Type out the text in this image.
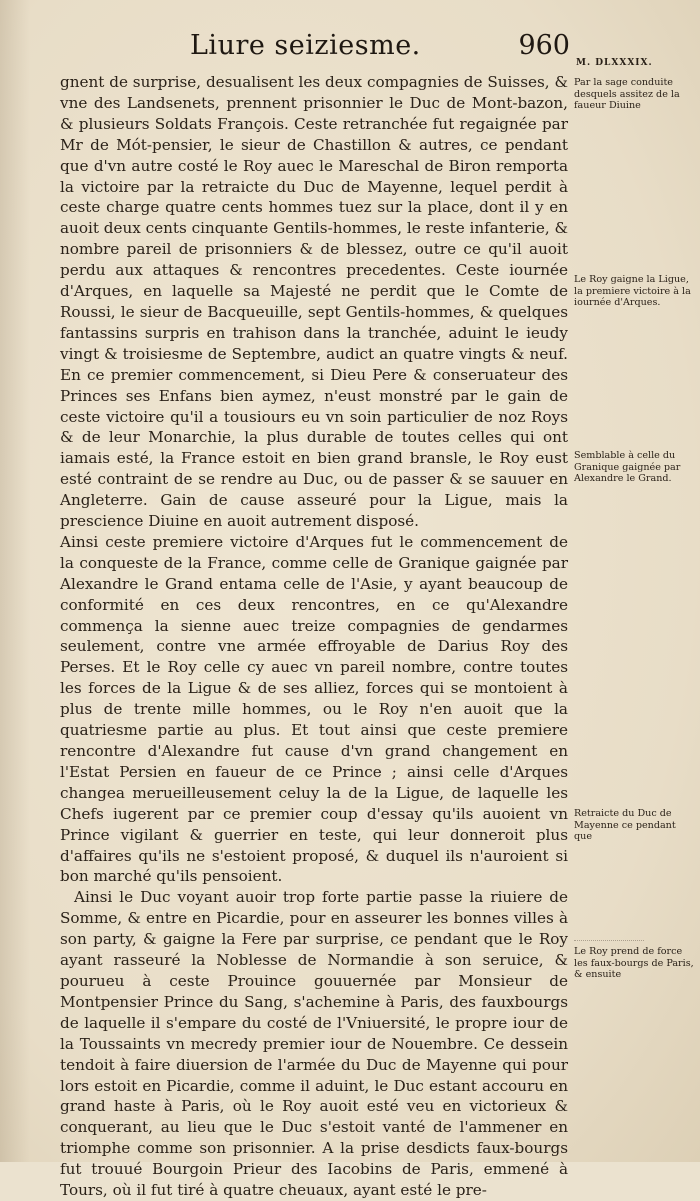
Liure seiziesme.	960
M. DLXXXIX.

gnent de surprise, desualisent les deux compagnies de Suisses, & vne des Landsenets, prennent prisonnier le Duc de Mont-bazon, & plusieurs Soldats François. Ceste retranchée fut regaignée par Mr de Mót-pensier, le sieur de Chastillon & autres, ce pendant que d'vn autre costé le Roy auec le Mareschal de Biron remporta la victoire par la retraicte du Duc de Mayenne, lequel perdit à ceste charge quatre cents hommes tuez sur la place, dont il y en auoit deux cents cinquante Gentils-hommes, le reste infanterie, & nombre pareil de prisonniers & de blessez, outre ce qu'il auoit perdu aux attaques & rencontres precedentes. Ceste iournée d'Arques, en laquelle sa Majesté ne perdit que le Comte de Roussi, le sieur de Bacqueuille, sept Gentils-hommes, & quelques fantassins surpris en trahison dans la tranchée, aduint le ieudy vingt & troisiesme de Septembre, audict an quatre vingts & neuf. En ce premier commencement, si Dieu Pere & conseruateur des Princes ses Enfans bien aymez, n'eust monstré par le gain de ceste victoire qu'il a tousiours eu vn soin particulier de noz Roys & de leur Monarchie, la plus durable de toutes celles qui ont iamais esté, la France estoit en bien grand bransle, le Roy eust esté contraint de se rendre au Duc, ou de passer & se sauuer en Angleterre. Gain de cause asseuré pour la Ligue, mais la prescience Diuine en auoit autrement disposé.

Ainsi ceste premiere victoire d'Arques fut le commencement de la conqueste de la France, comme celle de Granique gaignée par Alexandre le Grand entama celle de l'Asie, y ayant beaucoup de conformité en ces deux rencontres, en ce qu'Alexandre commença la sienne auec treize compagnies de gendarmes seulement, contre vne armée effroyable de Darius Roy des Perses. Et le Roy celle cy auec vn pareil nombre, contre toutes les forces de la Ligue & de ses alliez, forces qui se montoient à plus de trente mille hommes, ou le Roy n'en auoit que la quatriesme partie au plus. Et tout ainsi que ceste premiere rencontre d'Alexandre fut cause d'vn grand changement en l'Estat Persien en faueur de ce Prince ; ainsi celle d'Arques changea merueilleusement celuy la de la Ligue, de laquelle les Chefs iugerent par ce premier coup d'essay qu'ils auoient vn Prince vigilant & guerrier en teste, qui leur donneroit plus d'affaires qu'ils ne s'estoient proposé, & duquel ils n'auroient si bon marché qu'ils pensoient.

Ainsi le Duc voyant auoir trop forte partie passe la riuiere de Somme, & entre en Picardie, pour en asseurer les bonnes villes à son party, & gaigne la Fere par surprise, ce pendant que le Roy ayant rasseuré la Noblesse de Normandie à son seruice, & pourueu à ceste Prouince gouuernée par Monsieur de Montpensier Prince du Sang, s'achemine à Paris, des fauxbourgs de laquelle il s'empare du costé de l'Vniuersité, le propre iour de la Toussaints vn mecredy premier iour de Nouembre. Ce dessein tendoit à faire diuersion de l'armée du Duc de Mayenne qui pour lors estoit en Picardie, comme il aduint, le Duc estant accouru en grand haste à Paris, où le Roy auoit esté veu en victorieux & conquerant, au lieu que le Duc s'estoit vanté de l'ammener en triomphe comme son prisonnier. A la prise desdicts faux-bourgs fut trouué Bourgoin Prieur des Iacobins de Paris, emmené à Tours, où il fut tiré à quatre cheuaux, ayant esté le pre-

Par la sage conduite desquels assitez de la faueur Diuine
Le Roy gaigne la Ligue, la premiere victoire à la iournée d'Arques.
Semblable à celle du Granique gaignée par Alexandre le Grand.
Retraicte du Duc de Mayenne ce pendant que
Le Roy prend de force les faux-bourgs de Paris, & ensuite
